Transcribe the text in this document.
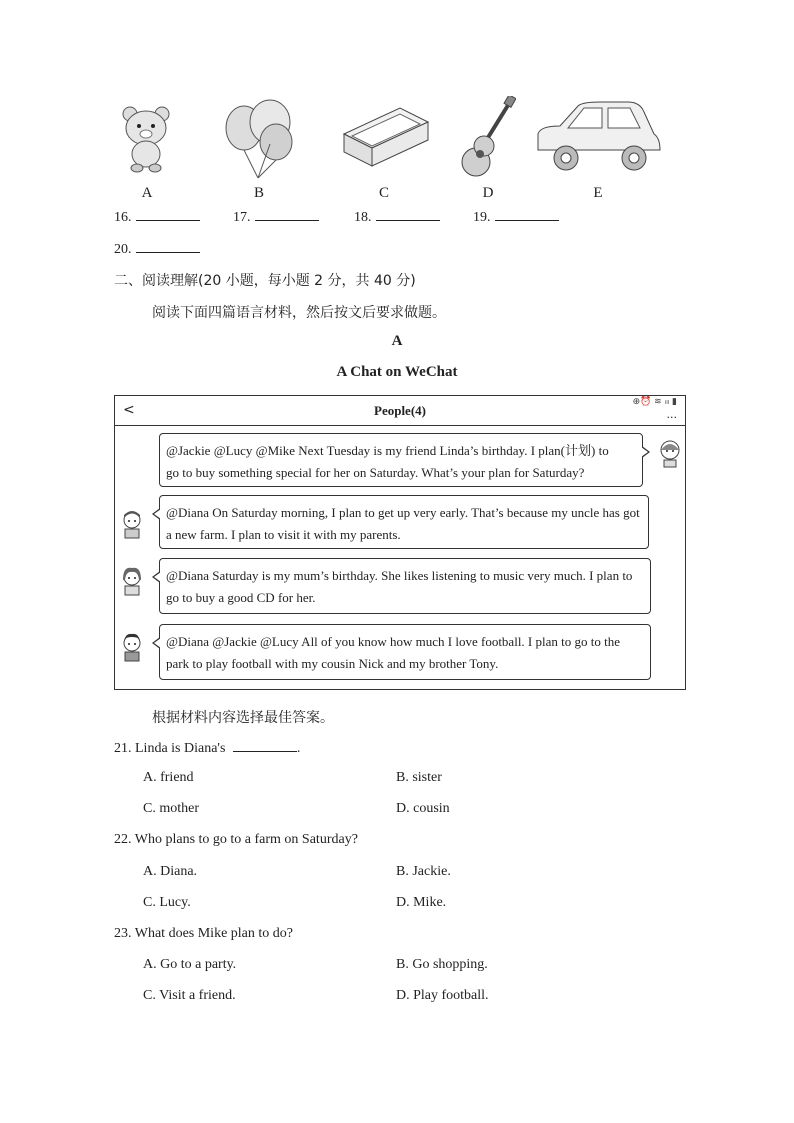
A	B	C	D	E
16.	17.	18.	19.
20.
二、阅读理解(20 小题，每小题 2 分，共 40 分)
阅读下面四篇语言材料，然后按文后要求做题。
A
A Chat on WeChat
<	People(4)
⊕⏰ ≋ ᵢₗₗ ▮
...
@Jackie @Lucy @Mike Next Tuesday is my friend Linda’s birthday. I plan(计划) to
go to buy something special for her on Saturday. What’s your plan for Saturday?
@Diana On Saturday morning, I plan to get up very early. That’s because my uncle has got
a new farm. I plan to visit it with my parents.
@Diana Saturday is my mum’s birthday. She likes listening to music very much. I plan to
go to buy a good CD for her.
@Diana @Jackie @Lucy All of you know how much I love football. I plan to go to the
park to play football with my cousin Nick and my brother Tony.
根据材料内容选择最佳答案。
21. Linda is Diana's	.
A. friend	B. sister
C. mother	D. cousin
22. Who plans to go to a farm on Saturday?
A. Diana.	B. Jackie.
C. Lucy.	D. Mike.
23. What does Mike plan to do?
A. Go to a party.	B. Go shopping.
C. Visit a friend.	D. Play football.
